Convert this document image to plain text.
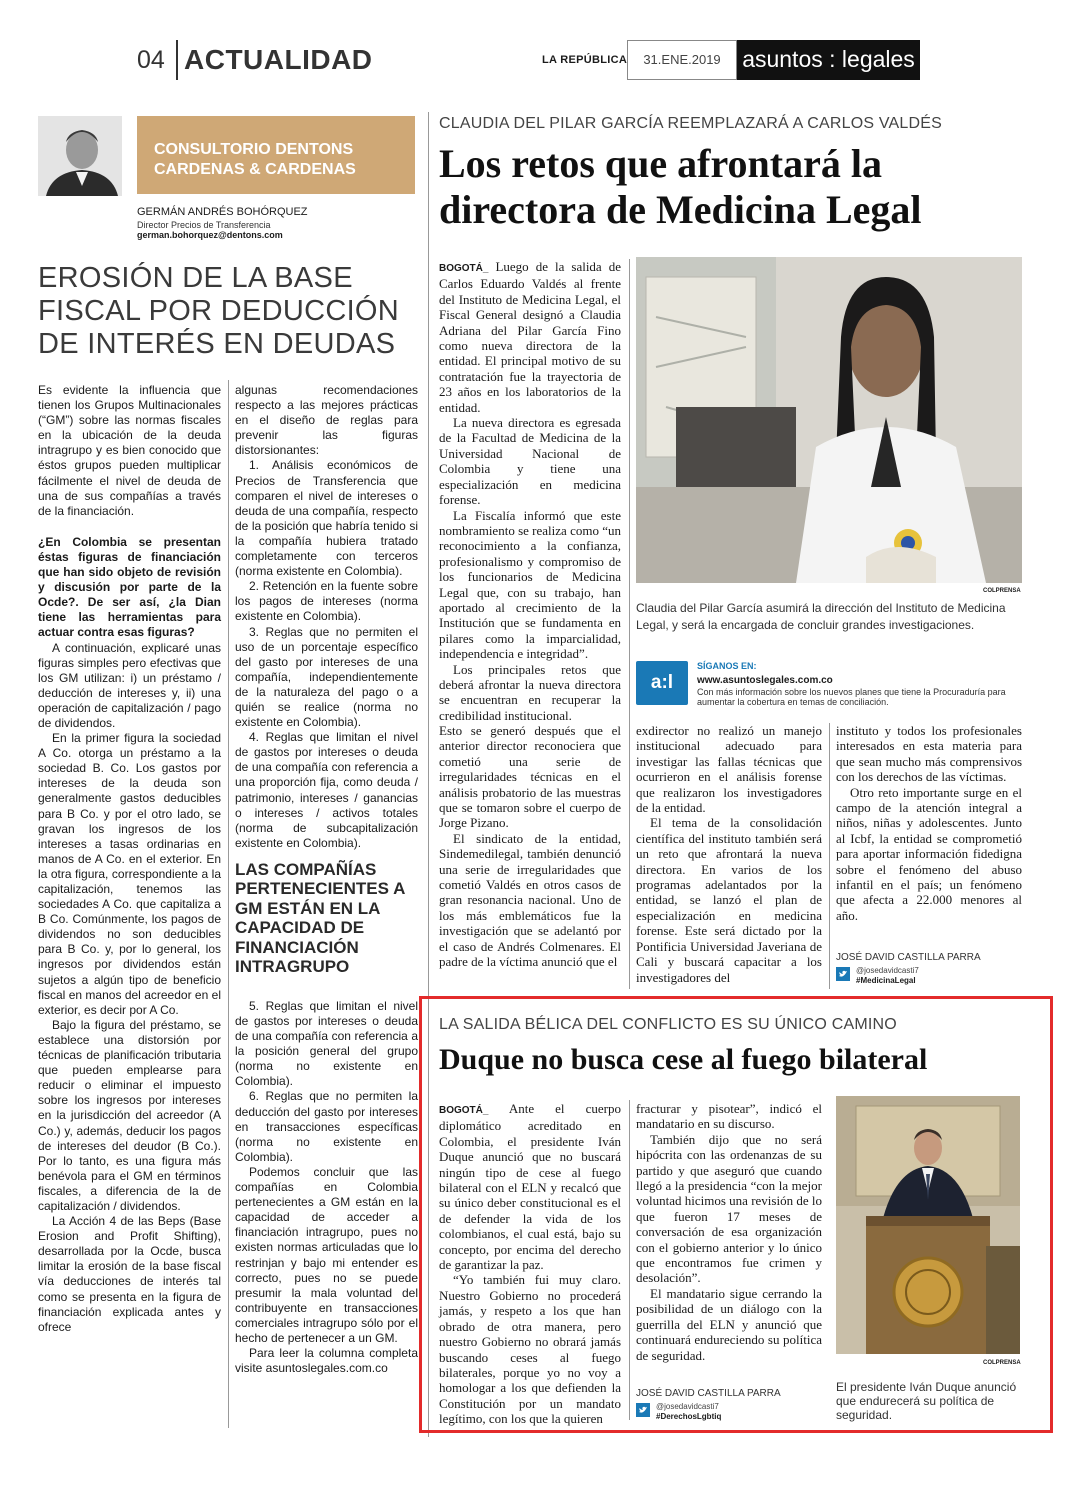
04 ACTUALIDAD	LA REPÚBLICA	31.ENE.2019 asuntos : legales
CONSULTORIO DENTONS
CARDENAS & CARDENAS
GERMÁN ANDRÉS BOHÓRQUEZ
Director Precios de Transferencia
german.bohorquez@dentons.com
EROSIÓN DE LA BASE FISCAL POR DEDUCCIÓN DE INTERÉS EN DEUDAS

Es evidente la influencia que tienen los Grupos Multinacionales (“GM”) sobre las normas fiscales en la ubicación de la deuda intragrupo y es bien conocido que éstos grupos pueden multiplicar fácilmente el nivel de deuda de una de sus compañías a través de la financiación.

¿En Colombia se presentan éstas figuras de financiación que han sido objeto de revisión y discusión por parte de la Ocde?. De ser así, ¿la Dian tiene las herramientas para actuar contra esas figuras?

A continuación, explicaré unas figuras simples pero efectivas que los GM utilizan: i) un préstamo / deducción de intereses y, ii) una operación de capitalización / pago de dividendos.

En la primer figura la sociedad A Co. otorga un préstamo a la sociedad B. Co. Los gastos por intereses de la deuda son generalmente gastos deducibles para B Co. y por el otro lado, se gravan los ingresos de los intereses a tasas ordinarias en manos de A Co. en el exterior. En la otra figura, correspondiente a la capitalización, tenemos las sociedades A Co. que capitaliza a B Co. Comúnmente, los pagos de dividendos no son deducibles para B Co. y, por lo general, los ingresos por dividendos están sujetos a algún tipo de beneficio fiscal en manos del acreedor en el exterior, es decir por A Co.

Bajo la figura del préstamo, se establece una distorsión por técnicas de planificación tributaria que pueden emplearse para reducir o eliminar el impuesto sobre los ingresos por intereses en la jurisdicción del acreedor (A Co.) y, además, deducir los pagos de intereses del deudor (B Co.). Por lo tanto, es una figura más benévola para el GM en términos fiscales, a diferencia de la de capitalización / dividendos.

La Acción 4 de las Beps (Base Erosion and Profit Shifting), desarrollada por la Ocde, busca limitar la erosión de la base fiscal vía deducciones de interés tal como se presenta en la figura de financiación explicada antes y ofrece

algunas recomendaciones respecto a las mejores prácticas en el diseño de reglas para prevenir las figuras distorsionantes:

1. Análisis económicos de Precios de Transferencia que comparen el nivel de intereses o deuda de una compañía, respecto de la posición que habría tenido si la compañía hubiera tratado completamente con terceros (norma existente en Colombia).

2. Retención en la fuente sobre los pagos de intereses (norma existente en Colombia).

3. Reglas que no permiten el uso de un porcentaje específico del gasto por intereses de una compañía, independientemente de la naturaleza del pago o a quién se realice (norma no existente en Colombia).

4. Reglas que limitan el nivel de gastos por intereses o deuda de una compañía con referencia a una proporción fija, como deuda / patrimonio, intereses / ganancias o intereses / activos totales (norma de subcapitalización existente en Colombia).

LAS COMPAÑÍAS PERTENECIENTES A GM ESTÁN EN LA CAPACIDAD DE FINANCIACIÓN INTRAGRUPO

5. Reglas que limitan el nivel de gastos por intereses o deuda de una compañía con referencia a la posición general del grupo (norma no existente en Colombia).

6. Reglas que no permiten la deducción del gasto por intereses en transacciones específicas (norma no existente en Colombia).

Podemos concluir que las compañías en Colombia pertenecientes a GM están en la capacidad de acceder a financiación intragrupo, pues no existen normas articuladas que lo restrinjan y bajo mi entender es correcto, pues no se puede presumir la mala voluntad del contribuyente en transacciones comerciales intragrupo sólo por el hecho de pertenecer a un GM.

Para leer la columna completa visite asuntoslegales.com.co

CLAUDIA DEL PILAR GARCÍA REEMPLAZARÁ A CARLOS VALDÉS
Los retos que afrontará la directora de Medicina Legal

BOGOTÁ_ Luego de la salida de Carlos Eduardo Valdés al frente del Instituto de Medicina Legal, el Fiscal General designó a Claudia Adriana del Pilar García Fino como nueva directora de la entidad. El principal motivo de su contratación fue la trayectoria de 23 años en los laboratorios de la entidad.

La nueva directora es egresada de la Facultad de Medicina de la Universidad Nacional de Colombia y tiene una especialización en medicina forense.

La Fiscalía informó que este nombramiento se realiza como “un reconocimiento a la confianza, profesionalismo y compromiso de los funcionarios de Medicina Legal que, con su trabajo, han aportado al crecimiento de la Institución que se fundamenta en pilares como la imparcialidad, independencia e integridad”.

Los principales retos que deberá afrontar la nueva directora se encuentran en recuperar la credibilidad institucional.

Esto se generó después que el anterior director reconociera que cometió una serie de irregularidades técnicas en el análisis probatorio de las muestras que se tomaron sobre el cuerpo de Jorge Pizano.

El sindicato de la entidad, Sindemedilegal, también denunció una serie de irregularidades que cometió Valdés en otros casos de gran resonancia nacional. Uno de los más emblemáticos fue la investigación que se adelantó por el caso de Andrés Colmenares. El padre de la víctima anunció que el

COLPRENSA
Claudia del Pilar García asumirá la dirección del Instituto de Medicina Legal, y será la encargada de concluir grandes investigaciones.
a:l
SÍGANOS EN:
www.asuntoslegales.com.co
Con más información sobre los nuevos planes que tiene la Procuraduría para aumentar la cobertura en temas de conciliación.

exdirector no realizó un manejo institucional adecuado para investigar las fallas técnicas que ocurrieron en el análisis forense que realizaron los investigadores de la entidad.

El tema de la consolidación científica del instituto también será un reto que afrontará la nueva directora. En varios de los programas adelantados por la entidad, se lanzó el plan de especialización en medicina forense. Este será dictado por la Pontificia Universidad Javeriana de Cali y buscará capacitar a los investigadores del

instituto y todos los profesionales interesados en esta materia para que sean mucho más comprensivos con los derechos de las víctimas.

Otro reto importante surge en el campo de la atención integral a niños, niñas y adolescentes. Junto al Icbf, la entidad se comprometió para aportar información fidedigna sobre el fenómeno del abuso infantil en el país; un fenómeno que afecta a 22.000 menores al año.

JOSÉ DAVID CASTILLA PARRA
@josedavidcasti7
#MedicinaLegal
LA SALIDA BÉLICA DEL CONFLICTO ES SU ÚNICO CAMINO
Duque no busca cese al fuego bilateral

BOGOTÁ_ Ante el cuerpo diplomático acreditado en Colombia, el presidente Iván Duque anunció que no buscará ningún tipo de cese al fuego bilateral con el ELN y recalcó que su único deber constitucional es el de defender la vida de los colombianos, el cual está, bajo su concepto, por encima del derecho de garantizar la paz.

“Yo también fui muy claro. Nuestro Gobierno no procederá jamás, y respeto a los que han obrado de otra manera, pero nuestro Gobierno no obrará jamás buscando ceses al fuego bilaterales, porque yo no voy a homologar a los que defienden la Constitución por un mandato legítimo, con los que la quieren

fracturar y pisotear”, indicó el mandatario en su discurso.

También dijo que no será hipócrita con las ordenanzas de su partido y que aseguró que cuando llegó a la presidencia “con la mejor voluntad hicimos una revisión de lo que fueron 17 meses de conversación de esa organización con el gobierno anterior y lo único que encontramos fue crimen y desolación”.

El mandatario sigue cerrando la posibilidad de un diálogo con la guerrilla del ELN y anunció que continuará endureciendo su política de seguridad.

COLPRENSA
El presidente Iván Duque anunció que endurecerá su política de seguridad.
JOSÉ DAVID CASTILLA PARRA
@josedavidcasti7
#DerechosLgbtiq
